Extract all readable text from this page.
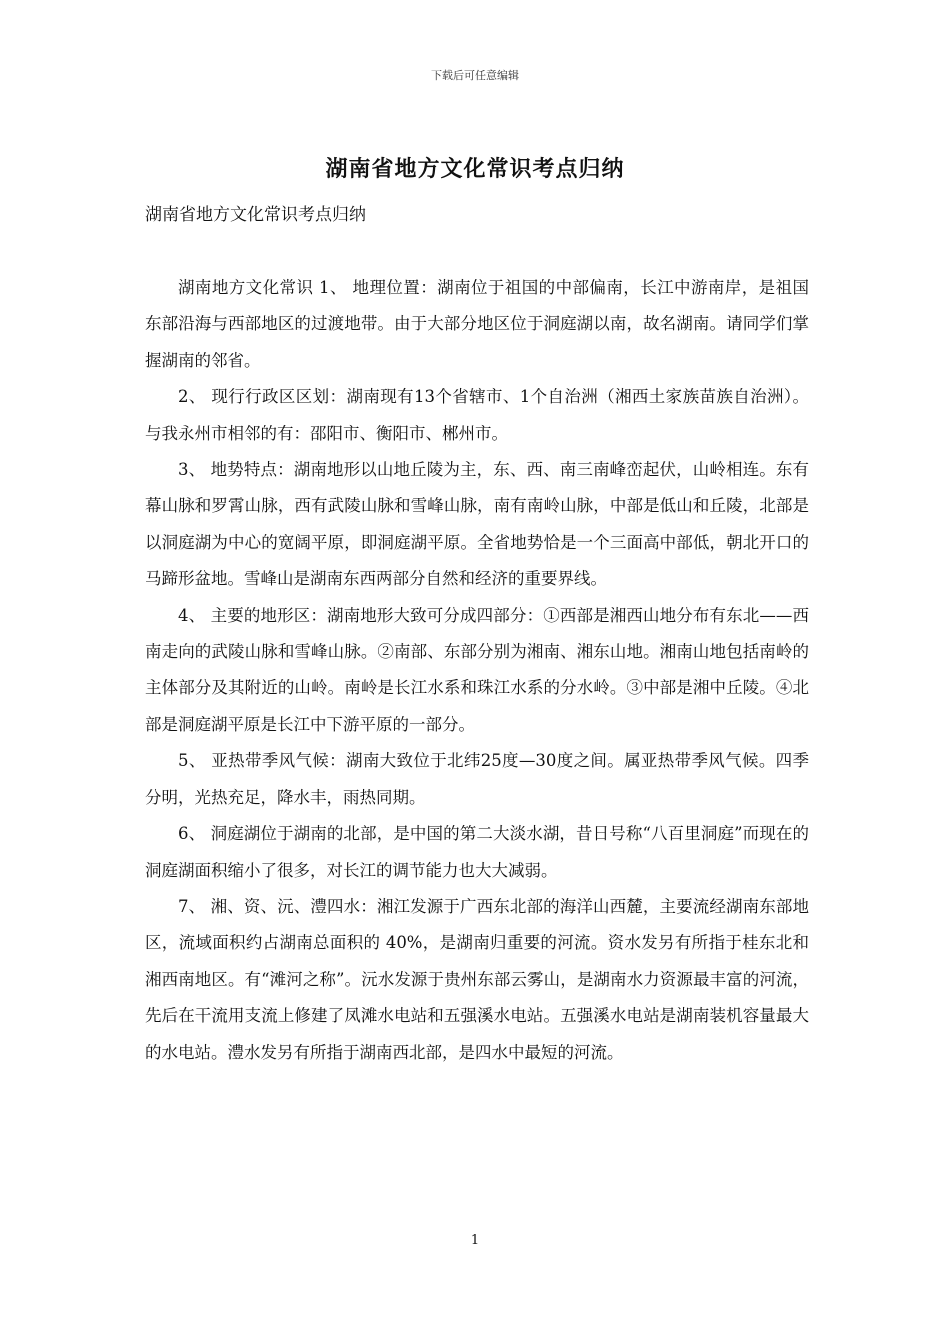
下载后可任意编辑
湖南省地方文化常识考点归纳
湖南省地方文化常识考点归纳

湖南地方文化常识 1、 地理位置：湖南位于祖国的中部偏南，长江中游南岸，是祖国东部沿海与西部地区的过渡地带。由于大部分地区位于洞庭湖以南，故名湖南。请同学们掌握湖南的邻省。

2、 现行行政区区划：湖南现有13个省辖市、1个自治洲（湘西土家族苗族自治洲）。与我永州市相邻的有：邵阳市、衡阳市、郴州市。

3、 地势特点：湖南地形以山地丘陵为主，东、西、南三南峰峦起伏，山岭相连。东有幕山脉和罗霄山脉，西有武陵山脉和雪峰山脉，南有南岭山脉，中部是低山和丘陵，北部是以洞庭湖为中心的宽阔平原，即洞庭湖平原。全省地势恰是一个三面高中部低，朝北开口的马蹄形盆地。雪峰山是湖南东西两部分自然和经济的重要界线。

4、 主要的地形区：湖南地形大致可分成四部分：①西部是湘西山地分布有东北——西南走向的武陵山脉和雪峰山脉。②南部、东部分别为湘南、湘东山地。湘南山地包括南岭的主体部分及其附近的山岭。南岭是长江水系和珠江水系的分水岭。③中部是湘中丘陵。④北部是洞庭湖平原是长江中下游平原的一部分。

5、 亚热带季风气候：湖南大致位于北纬25度—30度之间。属亚热带季风气候。四季分明，光热充足，降水丰，雨热同期。

6、 洞庭湖位于湖南的北部，是中国的第二大淡水湖，昔日号称“八百里洞庭”而现在的洞庭湖面积缩小了很多，对长江的调节能力也大大减弱。

7、 湘、资、沅、澧四水：湘江发源于广西东北部的海洋山西麓，主要流经湖南东部地区，流域面积约占湖南总面积的 40%，是湖南归重要的河流。资水发另有所指于桂东北和湘西南地区。有“滩河之称”。沅水发源于贵州东部云雾山，是湖南水力资源最丰富的河流，先后在干流用支流上修建了凤滩水电站和五强溪水电站。五强溪水电站是湖南装机容量最大的水电站。澧水发另有所指于湖南西北部，是四水中最短的河流。

1
